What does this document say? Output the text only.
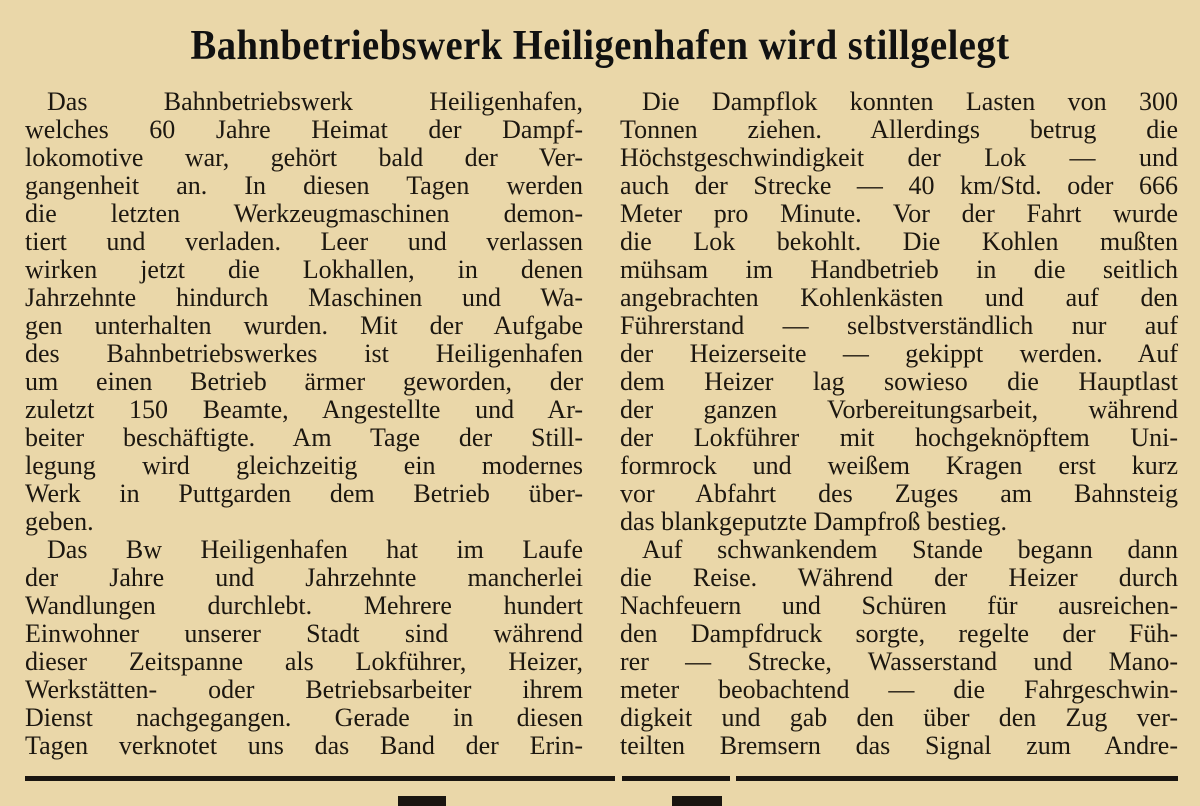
Bahnbetriebswerk Heiligenhafen wird stillgelegt
Das Bahnbetriebswerk Heiligenhafen,
welches 60 Jahre Heimat der Dampf-
lokomotive war, gehört bald der Ver-
gangenheit an. In diesen Tagen werden
die letzten Werkzeugmaschinen demon-
tiert und verladen. Leer und verlassen
wirken jetzt die Lokhallen, in denen
Jahrzehnte hindurch Maschinen und Wa-
gen unterhalten wurden. Mit der Aufgabe
des Bahnbetriebswerkes ist Heiligenhafen
um einen Betrieb ärmer geworden, der
zuletzt 150 Beamte, Angestellte und Ar-
beiter beschäftigte. Am Tage der Still-
legung wird gleichzeitig ein modernes
Werk in Puttgarden dem Betrieb über-
geben.
Das Bw Heiligenhafen hat im Laufe
der Jahre und Jahrzehnte mancherlei
Wandlungen durchlebt. Mehrere hundert
Einwohner unserer Stadt sind während
dieser Zeitspanne als Lokführer, Heizer,
Werkstätten- oder Betriebsarbeiter ihrem
Dienst nachgegangen. Gerade in diesen
Tagen verknotet uns das Band der Erin-
Die Dampflok konnten Lasten von 300
Tonnen ziehen. Allerdings betrug die
Höchstgeschwindigkeit der Lok — und
auch der Strecke — 40 km/Std. oder 666
Meter pro Minute. Vor der Fahrt wurde
die Lok bekohlt. Die Kohlen mußten
mühsam im Handbetrieb in die seitlich
angebrachten Kohlenkästen und auf den
Führerstand — selbstverständlich nur auf
der Heizerseite — gekippt werden. Auf
dem Heizer lag sowieso die Hauptlast
der ganzen Vorbereitungsarbeit, während
der Lokführer mit hochgeknöpftem Uni-
formrock und weißem Kragen erst kurz
vor Abfahrt des Zuges am Bahnsteig
das blankgeputzte Dampfroß bestieg.
Auf schwankendem Stande begann dann
die Reise. Während der Heizer durch
Nachfeuern und Schüren für ausreichen-
den Dampfdruck sorgte, regelte der Füh-
rer — Strecke, Wasserstand und Mano-
meter beobachtend — die Fahrgeschwin-
digkeit und gab den über den Zug ver-
teilten Bremsern das Signal zum Andre-
